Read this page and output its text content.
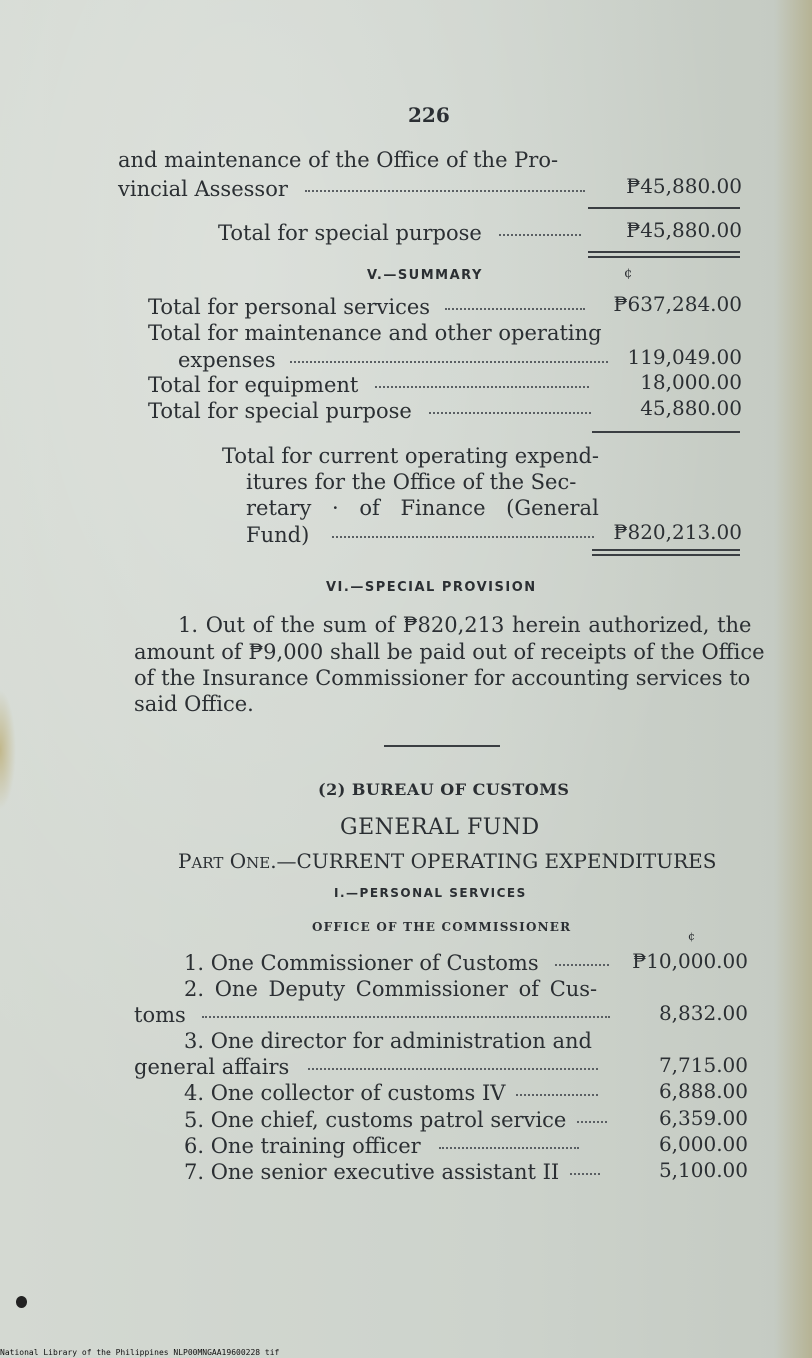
226
and maintenance of the Office of the Pro-
vincial Assessor	₱45,880.00
Total for special purpose	₱45,880.00
V.—SUMMARY	¢
Total for personal services	₱637,284.00
Total for maintenance and other operating
expenses	119,049.00
Total for equipment	18,000.00
Total for special purpose	45,880.00
Total for current operating expend-
itures for the Office of the Sec-
retary · of Finance (General
Fund)	₱820,213.00
VI.—SPECIAL PROVISION
1. Out of the sum of ₱820,213 herein authorized, the
amount of ₱9,000 shall be paid out of receipts of the Office
of the Insurance Commissioner for accounting services to
said Office.
(2) BUREAU OF CUSTOMS
GENERAL FUND
PART ONE.—CURRENT OPERATING EXPENDITURES
I.—PERSONAL SERVICES
OFFICE OF THE COMMISSIONER
¢
1. One Commissioner of Customs	₱10,000.00
2. One Deputy Commissioner of Cus-
toms	8,832.00
3. One director for administration and
general affairs	7,715.00
4. One collector of customs IV	6,888.00
5. One chief, customs patrol service	6,359.00
6. One training officer	6,000.00
7. One senior executive assistant II	5,100.00
National Library of the Philippines NLP00MNGAA19600228 tif
